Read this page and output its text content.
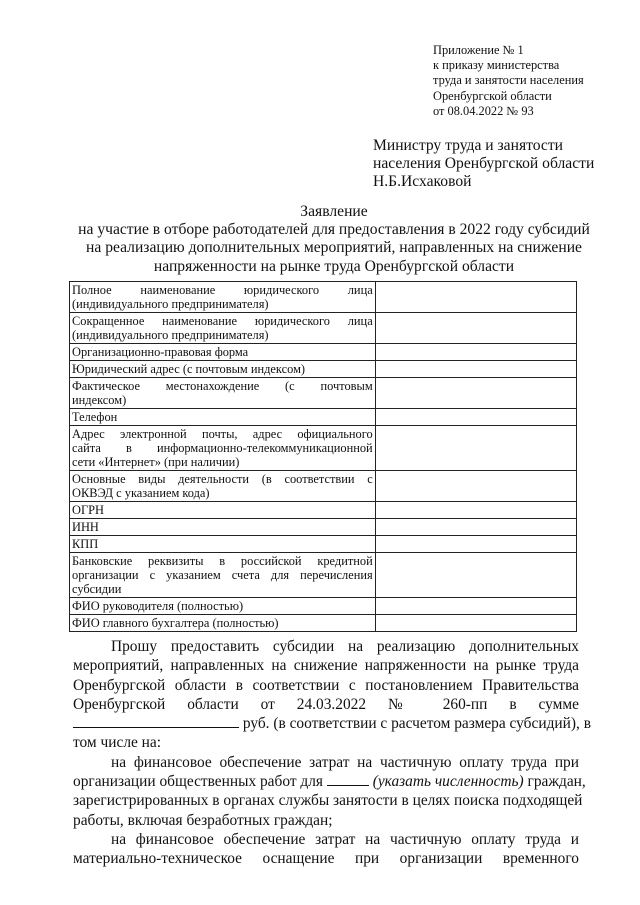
Приложение № 1
к приказу министерства
труда и занятости населения
Оренбургской области
от 08.04.2022 № 93
Министру труда и занятости
населения Оренбургской области
Н.Б.Исхаковой
Заявление
на участие в отборе работодателей для предоставления в 2022 году субсидий
на реализацию дополнительных мероприятий, направленных на снижение
напряженности на рынке труда Оренбургской области
Полное наименование юридического лица
(индивидуального предпринимателя)	

Сокращенное наименование юридического лица
(индивидуального предпринимателя)	

Организационно-правовая форма	

Юридический адрес (с почтовым индексом)	

Фактическое местонахождение (с почтовым
индексом)	

Телефон	

Адрес электронной почты, адрес официального
сайта в информационно-телекоммуникационной
сети «Интернет» (при наличии)	

Основные виды деятельности (в соответствии с
ОКВЭД с указанием кода)	

ОГРН	

ИНН	

КПП	

Банковские реквизиты в российской кредитной
организации с указанием счета для перечисления
субсидии	

ФИО руководителя (полностью)	

ФИО главного бухгалтера (полностью)	

Прошу предоставить субсидии на реализацию дополнительных
мероприятий, направленных на снижение напряженности на рынке труда
Оренбургской области в соответствии с постановлением Правительства
Оренбургской области от 24.03.2022 № 260-пп в сумме
руб. (в соответствии с расчетом размера субсидий), в
том числе на:
на финансовое обеспечение затрат на частичную оплату труда при
организации общественных работ для	(указать численность) граждан,
зарегистрированных в органах службы занятости в целях поиска подходящей
работы, включая безработных граждан;
на финансовое обеспечение затрат на частичную оплату труда и
материально-техническое оснащение при организации временного
